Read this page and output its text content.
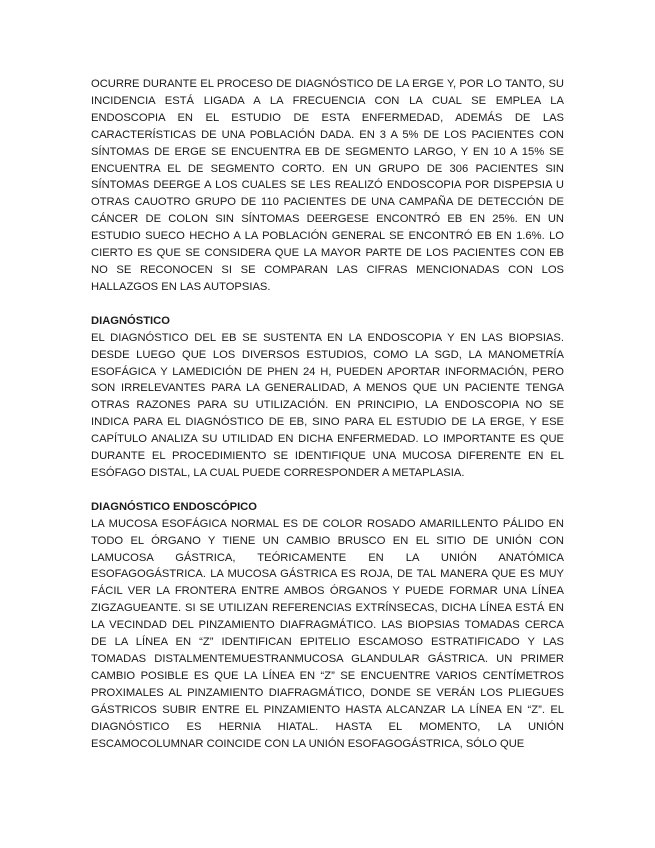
OCURRE DURANTE EL PROCESO DE DIAGNÓSTICO DE LA ERGE Y, POR LO TANTO, SU INCIDENCIA ESTÁ LIGADA A LA FRECUENCIA CON LA CUAL SE EMPLEA LA ENDOSCOPIA EN EL ESTUDIO DE ESTA ENFERMEDAD, ADEMÁS DE LAS CARACTERÍSTICAS DE UNA POBLACIÓN DADA. EN 3 A 5% DE LOS PACIENTES CON SÍNTOMAS DE ERGE SE ENCUENTRA EB DE SEGMENTO LARGO, Y EN 10 A 15% SE ENCUENTRA EL DE SEGMENTO CORTO. EN UN GRUPO DE 306 PACIENTES SIN SÍNTOMAS DEERGE A LOS CUALES SE LES REALIZÓ ENDOSCOPIA POR DISPEPSIA U OTRAS CAUOTRO GRUPO DE 110 PACIENTES DE UNA CAMPAÑA DE DETECCIÓN DE CÁNCER DE COLON SIN SÍNTOMAS DEERGESE ENCONTRÓ EB EN 25%. EN UN ESTUDIO SUECO HECHO A LA POBLACIÓN GENERAL SE ENCONTRÓ EB EN 1.6%. LO CIERTO ES QUE SE CONSIDERA QUE LA MAYOR PARTE DE LOS PACIENTES CON EB NO SE RECONOCEN SI SE COMPARAN LAS CIFRAS MENCIONADAS CON LOS HALLAZGOS EN LAS AUTOPSIAS.

DIAGNÓSTICO

EL DIAGNÓSTICO DEL EB SE SUSTENTA EN LA ENDOSCOPIA Y EN LAS BIOPSIAS. DESDE LUEGO QUE LOS DIVERSOS ESTUDIOS, COMO LA SGD, LA MANOMETRÍA ESOFÁGICA Y LAMEDICIÓN DE PHEN 24 H, PUEDEN APORTAR INFORMACIÓN, PERO SON IRRELEVANTES PARA LA GENERALIDAD, A MENOS QUE UN PACIENTE TENGA OTRAS RAZONES PARA SU UTILIZACIÓN. EN PRINCIPIO, LA ENDOSCOPIA NO SE INDICA PARA EL DIAGNÓSTICO DE EB, SINO PARA EL ESTUDIO DE LA ERGE, Y ESE CAPÍTULO ANALIZA SU UTILIDAD EN DICHA ENFERMEDAD. LO IMPORTANTE ES QUE DURANTE EL PROCEDIMIENTO SE IDENTIFIQUE UNA MUCOSA DIFERENTE EN EL ESÓFAGO DISTAL, LA CUAL PUEDE CORRESPONDER A METAPLASIA.

DIAGNÓSTICO ENDOSCÓPICO

LA MUCOSA ESOFÁGICA NORMAL ES DE COLOR ROSADO AMARILLENTO PÁLIDO EN TODO EL ÓRGANO Y TIENE UN CAMBIO BRUSCO EN EL SITIO DE UNIÓN CON LAMUCOSA GÁSTRICA, TEÓRICAMENTE EN LA UNIÓN ANATÓMICA ESOFAGOGÁSTRICA. LA MUCOSA GÁSTRICA ES ROJA, DE TAL MANERA QUE ES MUY FÁCIL VER LA FRONTERA ENTRE AMBOS ÓRGANOS Y PUEDE FORMAR UNA LÍNEA ZIGZAGUEANTE. SI SE UTILIZAN REFERENCIAS EXTRÍNSECAS, DICHA LÍNEA ESTÁ EN LA VECINDAD DEL PINZAMIENTO DIAFRAGMÁTICO. LAS BIOPSIAS TOMADAS CERCA DE LA LÍNEA EN “Z” IDENTIFICAN EPITELIO ESCAMOSO ESTRATIFICADO Y LAS TOMADAS DISTALMENTEMUESTRANMUCOSA GLANDULAR GÁSTRICA. UN PRIMER CAMBIO POSIBLE ES QUE LA LÍNEA EN “Z” SE ENCUENTRE VARIOS CENTÍMETROS PROXIMALES AL PINZAMIENTO DIAFRAGMÁTICO, DONDE SE VERÁN LOS PLIEGUES GÁSTRICOS SUBIR ENTRE EL PINZAMIENTO HASTA ALCANZAR LA LÍNEA EN “Z”. EL DIAGNÓSTICO ES HERNIA HIATAL. HASTA EL MOMENTO, LA UNIÓN ESCAMOCOLUMNAR COINCIDE CON LA UNIÓN ESOFAGOGÁSTRICA, SÓLO QUE
